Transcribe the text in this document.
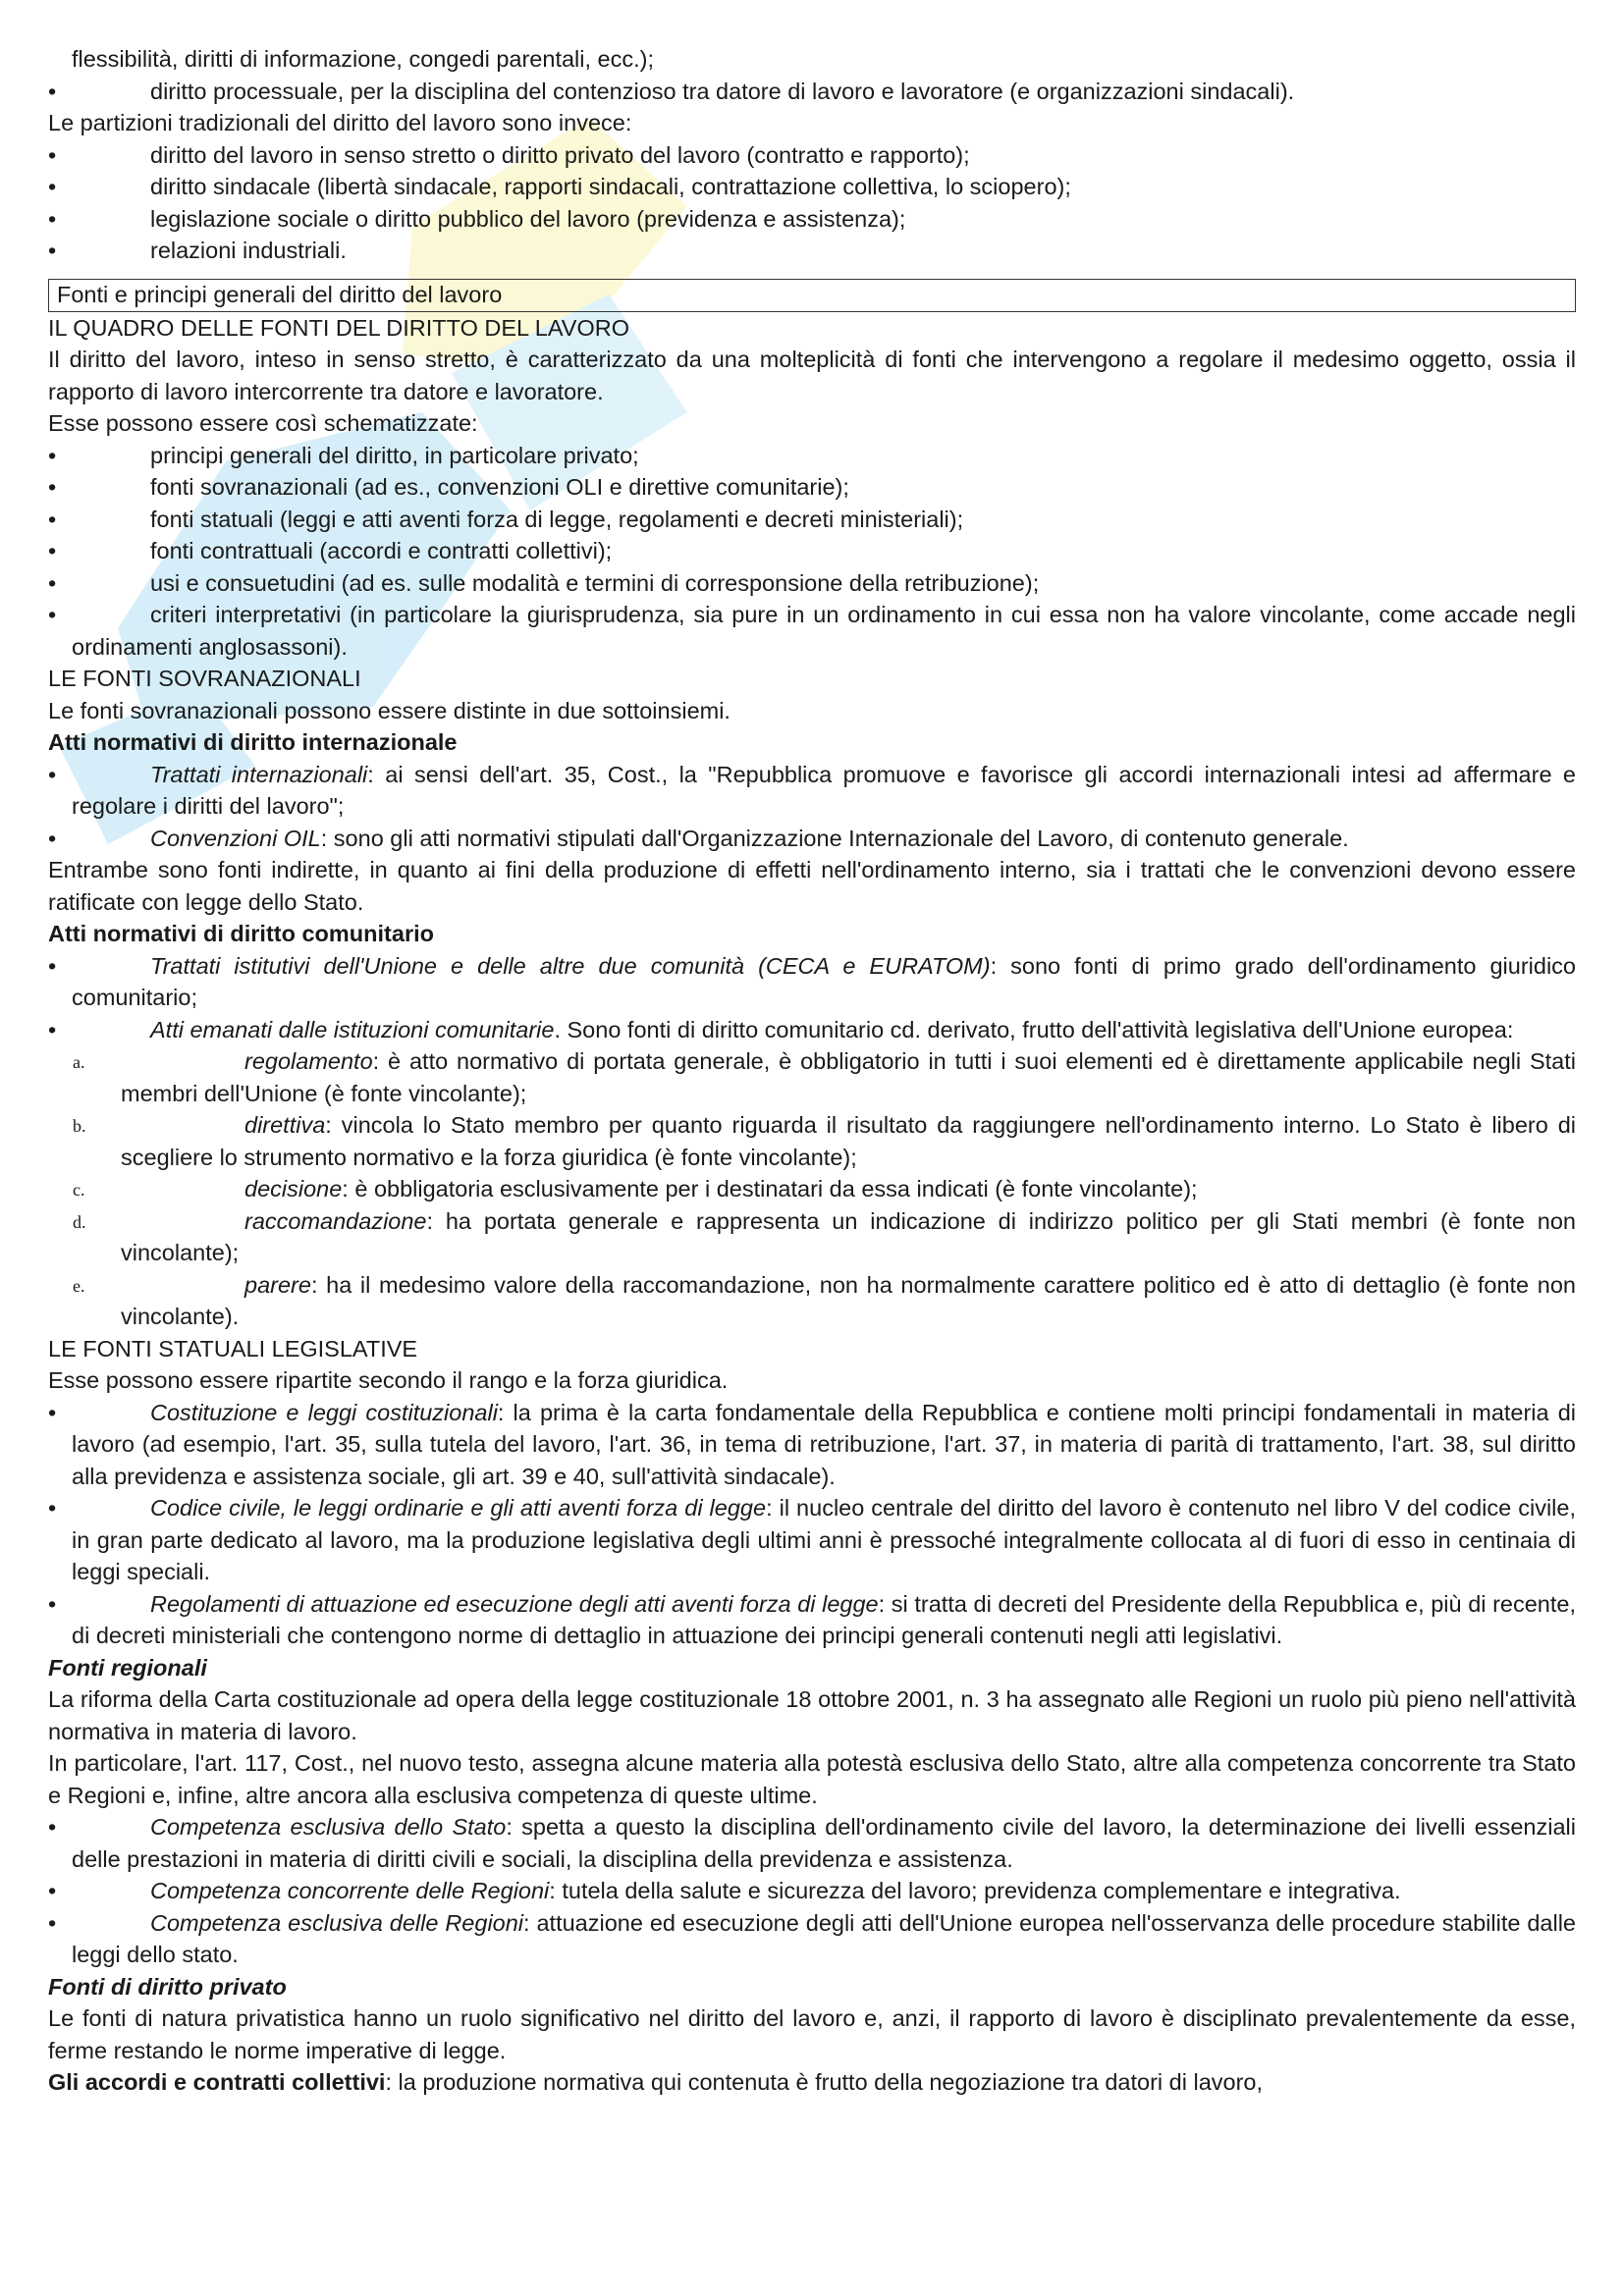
flessibilità, diritti di informazione, congedi parentali, ecc.);

•	diritto processuale, per la disciplina del contenzioso tra datore di lavoro e lavoratore (e organizzazioni sindacali).

Le partizioni tradizionali del diritto del lavoro sono invece:

•	diritto del lavoro in senso stretto o diritto privato del lavoro (contratto e rapporto);
•	diritto sindacale (libertà sindacale, rapporti sindacali, contrattazione collettiva, lo sciopero);
•	legislazione sociale o diritto pubblico del lavoro (previdenza e assistenza);
•	relazioni industriali.
Fonti e principi generali del diritto del lavoro

IL QUADRO DELLE FONTI DEL DIRITTO DEL LAVORO

Il diritto del lavoro, inteso in senso stretto, è caratterizzato da una molteplicità di fonti che intervengono a regolare il medesimo oggetto, ossia il rapporto di lavoro intercorrente tra datore e lavoratore.

Esse possono essere così schematizzate:

•	principi generali del diritto, in particolare privato;
•	fonti sovranazionali (ad es., convenzioni OLI e direttive comunitarie);
•	fonti statuali (leggi e atti aventi forza di legge, regolamenti e decreti ministeriali);
•	fonti contrattuali (accordi e contratti collettivi);
•	usi e consuetudini (ad es. sulle modalità e termini di corresponsione della retribuzione);
•	criteri interpretativi (in particolare la giurisprudenza, sia pure in un ordinamento in cui essa non ha valore vincolante, come accade negli ordinamenti anglosassoni).

LE FONTI SOVRANAZIONALI

Le fonti sovranazionali possono essere distinte in due sottoinsiemi.

Atti normativi di diritto internazionale
•	Trattati internazionali: ai sensi dell'art. 35, Cost., la "Repubblica promuove e favorisce gli accordi internazionali intesi ad affermare e regolare i diritti del lavoro";
•	Convenzioni OIL: sono gli atti normativi stipulati dall'Organizzazione Internazionale del Lavoro, di contenuto generale.

Entrambe sono fonti indirette, in quanto ai fini della produzione di effetti nell'ordinamento interno, sia i trattati che le convenzioni devono essere ratificate con legge dello Stato.

Atti normativi di diritto comunitario
•	Trattati istitutivi dell'Unione e delle altre due comunità (CECA e EURATOM): sono fonti di primo grado dell'ordinamento giuridico comunitario;
•	Atti emanati dalle istituzioni comunitarie. Sono fonti di diritto comunitario cd. derivato, frutto dell'attività legislativa dell'Unione europea:
a.	regolamento: è atto normativo di portata generale, è obbligatorio in tutti i suoi elementi ed è direttamente applicabile negli Stati membri dell'Unione (è fonte vincolante);
b.	direttiva: vincola lo Stato membro per quanto riguarda il risultato da raggiungere nell'ordinamento interno. Lo Stato è libero di scegliere lo strumento normativo e la forza giuridica (è fonte vincolante);
c.	decisione: è obbligatoria esclusivamente per i destinatari da essa indicati (è fonte vincolante);
d.	raccomandazione: ha portata generale e rappresenta un indicazione di indirizzo politico per gli Stati membri (è fonte non vincolante);
e.	parere: ha il medesimo valore della raccomandazione, non ha normalmente carattere politico ed è atto di dettaglio (è fonte non vincolante).

LE FONTI STATUALI LEGISLATIVE

Esse possono essere ripartite secondo il rango e la forza giuridica.

•	Costituzione e leggi costituzionali: la prima è la carta fondamentale della Repubblica e contiene molti principi fondamentali in materia di lavoro (ad esempio, l'art. 35, sulla tutela del lavoro, l'art. 36, in tema di retribuzione, l'art. 37, in materia di parità di trattamento, l'art. 38, sul diritto alla previdenza e assistenza sociale, gli art. 39 e 40, sull'attività sindacale).
•	Codice civile, le leggi ordinarie e gli atti aventi forza di legge: il nucleo centrale del diritto del lavoro è contenuto nel libro V del codice civile, in gran parte dedicato al lavoro, ma la produzione legislativa degli ultimi anni è pressoché integralmente collocata al di fuori di esso in centinaia di leggi speciali.
•	Regolamenti di attuazione ed esecuzione degli atti aventi forza di legge: si tratta di decreti del Presidente della Repubblica e, più di recente, di decreti ministeriali che contengono norme di dettaglio in attuazione dei principi generali contenuti negli atti legislativi.
Fonti regionali

La riforma della Carta costituzionale ad opera della legge costituzionale 18 ottobre 2001, n. 3 ha assegnato alle Regioni un ruolo più pieno nell'attività normativa in materia di lavoro.

In particolare, l'art. 117, Cost., nel nuovo testo, assegna alcune materia alla potestà esclusiva dello Stato, altre alla competenza concorrente tra Stato e Regioni e, infine, altre ancora alla esclusiva competenza di queste ultime.

•	Competenza esclusiva dello Stato: spetta a questo la disciplina dell'ordinamento civile del lavoro, la determinazione dei livelli essenziali delle prestazioni in materia di diritti civili e sociali, la disciplina della previdenza e assistenza.
•	Competenza concorrente delle Regioni: tutela della salute e sicurezza del lavoro; previdenza complementare e integrativa.
•	Competenza esclusiva delle Regioni: attuazione ed esecuzione degli atti dell'Unione europea nell'osservanza delle procedure stabilite dalle leggi dello stato.
Fonti di diritto privato

Le fonti di natura privatistica hanno un ruolo significativo nel diritto del lavoro e, anzi, il rapporto di lavoro è disciplinato prevalentemente da esse, ferme restando le norme imperative di legge.

Gli accordi e contratti collettivi: la produzione normativa qui contenuta è frutto della negoziazione tra datori di lavoro,
